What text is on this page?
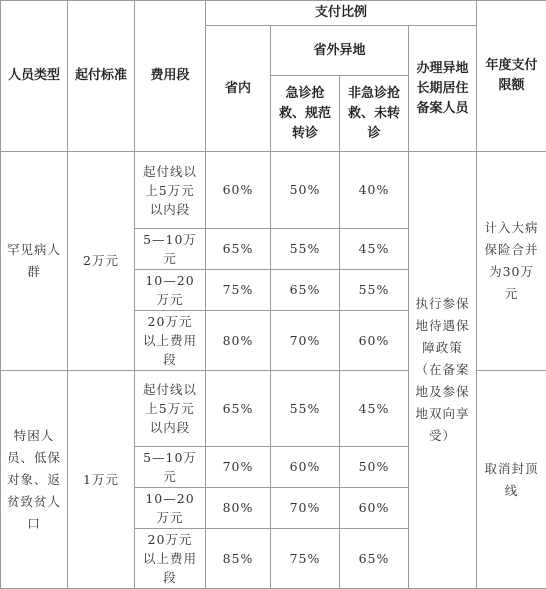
人员类型	起付标准	费用段	支付比例				年度支付限额
			省内	省外异地		办理异地长期居住备案人员	
				急诊抢救、规范转诊	非急诊抢救、未转诊		
罕见病人群	2万元	起付线以上5万元以内段	60%	50%	40%	执行参保地待遇保障政策（在备案地及参保地双向享受）	计入大病保险合并为30万元
		5—10万元	65%	55%	45%		
		10—20万元	75%	65%	55%		
		20万元以上费用段	80%	70%	60%		
特困人员、低保对象、返贫致贫人口	1万元	起付线以上5万元以内段	65%	55%	45%		取消封顶线
		5—10万元	70%	60%	50%		
		10—20万元	80%	70%	60%		
		20万元以上费用段	85%	75%	65%		
